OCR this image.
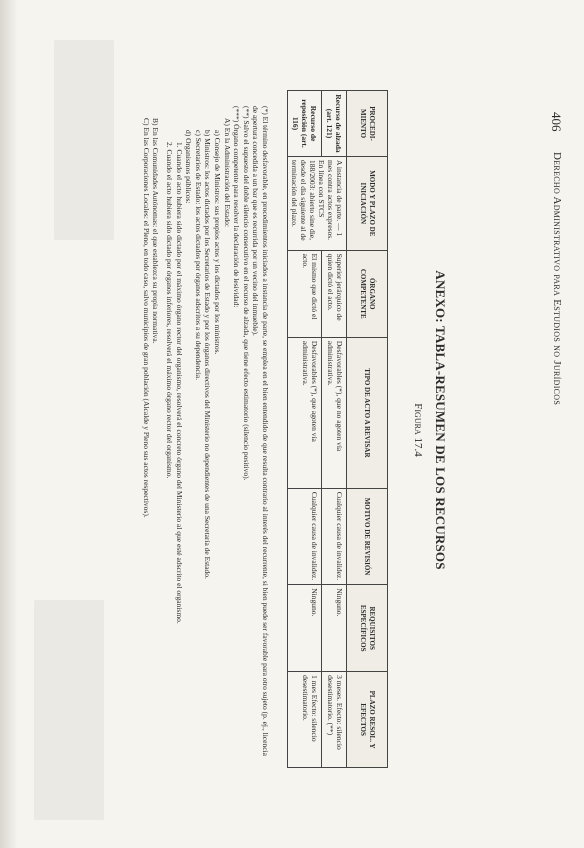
406
Derecho Administrativo para Estudios no Jurídicos
ANEXO: TABLA-RESUMEN DE LOS RECURSOS
Figura 17.4
PROCEDI-MIENTO	MODO Y PLAZO DE INICIACIÓN	ÓRGANO COMPETENTE	TIPO DE ACTO A REVISAR	MOTIVO DE REVISIÓN	REQUISITOS ESPECÍFICOS	PLAZO RESOL. Y EFECTOS
Recurso de alzada (art. 121)	A instancia de parte. — 1 mes contra actos expresos. En línea con STCS 188/2003: abierto sine die, desde el día siguiente al de terminación del plazo.	Superior jerárquico de quien dictó el acto.	Desfavorables (*), que no agoten vía administrativa.	Cualquier causa de invalidez.	Ninguno.	3 meses. Efecto: silencio desestimatorio. (**)
Recurso de reposición (art. 116)		El mismo que dictó el acto.	Desfavorables (*), que agoten vía administrativa.	Cualquier causa de invalidez.	Ninguno.	1 mes Efecto: silencio desestimatorio.

(*) El término desfavorable, en procedimientos iniciados a instancia de parte, se emplea en el bien entendido de que resulta contrario al interés del recurrente, si bien puede ser favorable para otro sujeto (p. ej., licencia de apertura concedida a un bar que es recurrida por un vecino del inmueble).

(**) Salvo el supuesto del doble silencio consecutivo en el recurso de alzada, que tiene efecto estimatorio (silencio positivo).

(***) Órgano competente para resolver la declaración de lesividad:

A) En la Administración del Estado:

a) Consejo de Ministros: sus propios actos y los dictados por los ministros.

b) Ministros: los actos dictados por los Secretarios de Estado y por los órganos directivos del Ministerio no dependientes de una Secretaría de Estado.

c) Secretarios de Estado: los actos dictados por órganos adscritos a su dependencia.

d) Organismos públicos:

1. Cuando el acto hubiera sido dictado por el máximo órgano rector del organismo, resolverá el concreto órgano del Ministerio al que esté adscrito el organismo.

2. Cuando el acto hubiera sido dictado por órganos inferiores, resolverá el máximo órgano rector del organismo.

B) En las Comunidades Autónomas: el que establezca su propia normativa.

C) En las Corporaciones Locales: el Pleno, en todo caso, salvo municipios de gran población (Alcalde y Pleno sus actos respectivos).
